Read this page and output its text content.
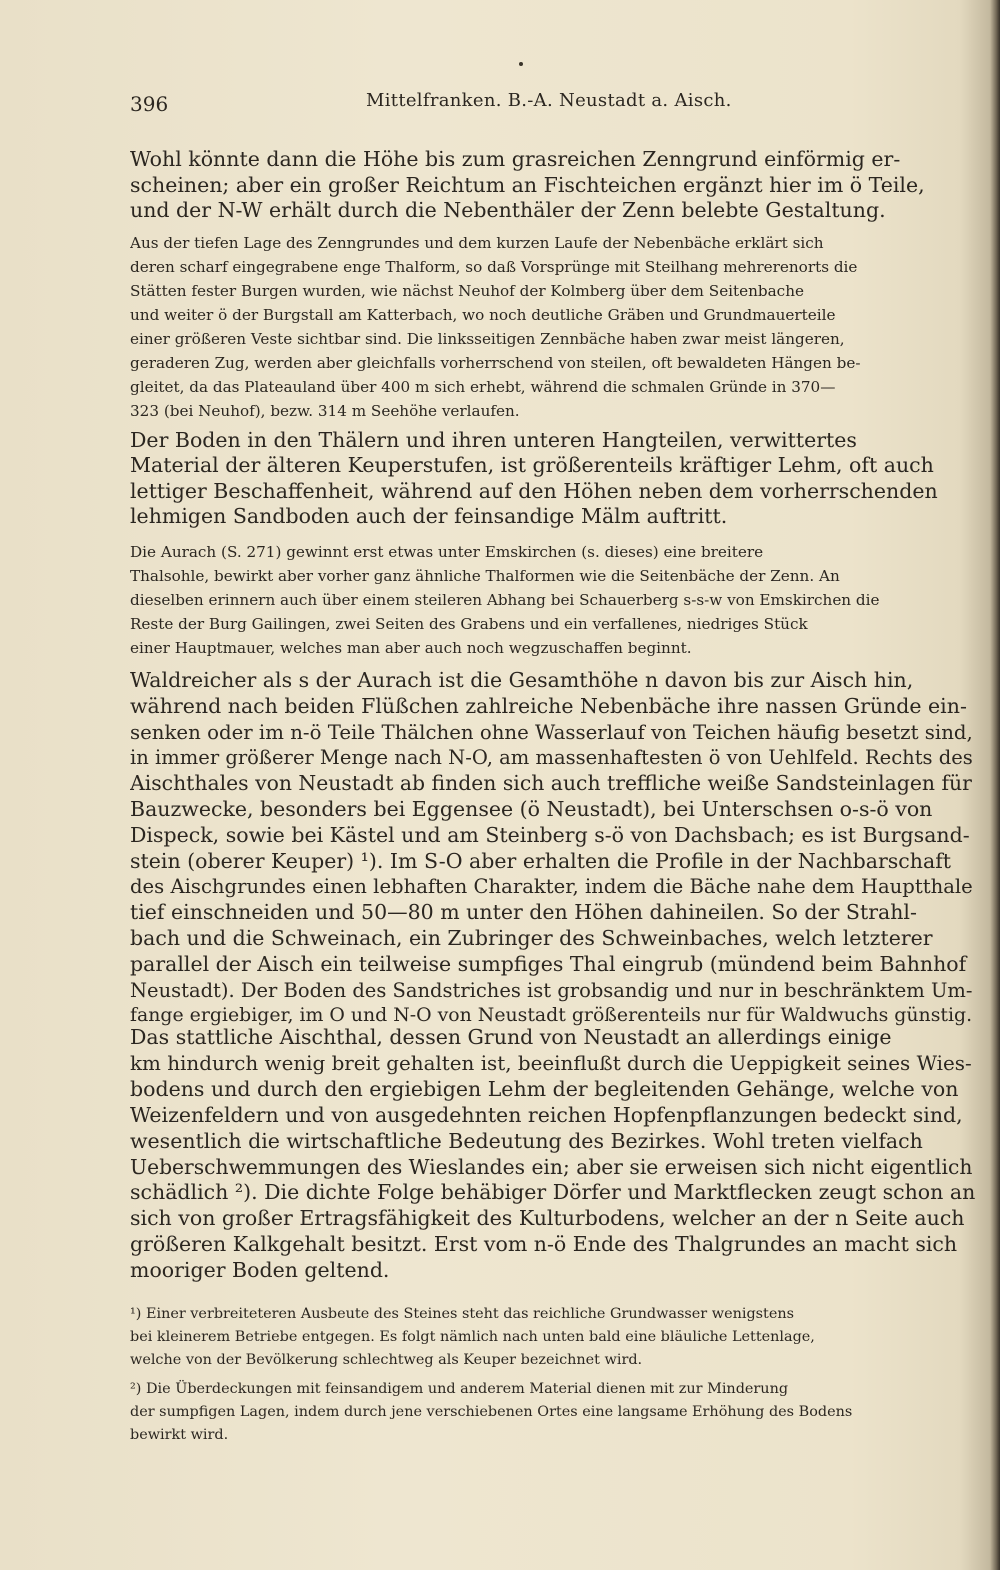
396	Mittelfranken. B.-A. Neustadt a. Aisch.
Wohl könnte dann die Höhe bis zum grasreichen Zenngrund einförmig er-
scheinen; aber ein großer Reichtum an Fischteichen ergänzt hier im ö Teile,
und der N-W erhält durch die Nebenthäler der Zenn belebte Gestaltung.
Aus der tiefen Lage des Zenngrundes und dem kurzen Laufe der Nebenbäche erklärt sich
deren scharf eingegrabene enge Thalform, so daß Vorsprünge mit Steilhang mehrerenorts die
Stätten fester Burgen wurden, wie nächst Neuhof der Kolmberg über dem Seitenbache
und weiter ö der Burgstall am Katterbach, wo noch deutliche Gräben und Grundmauerteile
einer größeren Veste sichtbar sind. Die linksseitigen Zennbäche haben zwar meist längeren,
geraderen Zug, werden aber gleichfalls vorherrschend von steilen, oft bewaldeten Hängen be-
gleitet, da das Plateauland über 400 m sich erhebt, während die schmalen Gründe in 370—
323 (bei Neuhof), bezw. 314 m Seehöhe verlaufen.
Der Boden in den Thälern und ihren unteren Hangteilen, verwittertes
Material der älteren Keuperstufen, ist größerenteils kräftiger Lehm, oft auch
lettiger Beschaffenheit, während auf den Höhen neben dem vorherrschenden
lehmigen Sandboden auch der feinsandige Mälm auftritt.
Die Aurach (S. 271) gewinnt erst etwas unter Emskirchen (s. dieses) eine breitere
Thalsohle, bewirkt aber vorher ganz ähnliche Thalformen wie die Seitenbäche der Zenn. An
dieselben erinnern auch über einem steileren Abhang bei Schauerberg s-s-w von Emskirchen die
Reste der Burg Gailingen, zwei Seiten des Grabens und ein verfallenes, niedriges Stück
einer Hauptmauer, welches man aber auch noch wegzuschaffen beginnt.
Waldreicher als s der Aurach ist die Gesamthöhe n davon bis zur Aisch hin,
während nach beiden Flüßchen zahlreiche Nebenbäche ihre nassen Gründe ein-
senken oder im n-ö Teile Thälchen ohne Wasserlauf von Teichen häufig besetzt sind,
in immer größerer Menge nach N-O, am massenhaftesten ö von Uehlfeld. Rechts des
Aischthales von Neustadt ab finden sich auch treffliche weiße Sandsteinlagen für
Bauzwecke, besonders bei Eggensee (ö Neustadt), bei Unterschsen o-s-ö von
Dispeck, sowie bei Kästel und am Steinberg s-ö von Dachsbach; es ist Burgsand-
stein (oberer Keuper) ¹). Im S-O aber erhalten die Profile in der Nachbarschaft
des Aischgrundes einen lebhaften Charakter, indem die Bäche nahe dem Hauptthale
tief einschneiden und 50—80 m unter den Höhen dahineilen. So der Strahl-
bach und die Schweinach, ein Zubringer des Schweinbaches, welch letzterer
parallel der Aisch ein teilweise sumpfiges Thal eingrub (mündend beim Bahnhof
Neustadt). Der Boden des Sandstriches ist grobsandig und nur in beschränktem Um-
fange ergiebiger, im O und N-O von Neustadt größerenteils nur für Waldwuchs günstig.
Das stattliche Aischthal, dessen Grund von Neustadt an allerdings einige
km hindurch wenig breit gehalten ist, beeinflußt durch die Ueppigkeit seines Wies-
bodens und durch den ergiebigen Lehm der begleitenden Gehänge, welche von
Weizenfeldern und von ausgedehnten reichen Hopfenpflanzungen bedeckt sind,
wesentlich die wirtschaftliche Bedeutung des Bezirkes. Wohl treten vielfach
Ueberschwemmungen des Wieslandes ein; aber sie erweisen sich nicht eigentlich
schädlich ²). Die dichte Folge behäbiger Dörfer und Marktflecken zeugt schon an
sich von großer Ertragsfähigkeit des Kulturbodens, welcher an der n Seite auch
größeren Kalkgehalt besitzt. Erst vom n-ö Ende des Thalgrundes an macht sich
mooriger Boden geltend.
¹) Einer verbreiteteren Ausbeute des Steines steht das reichliche Grundwasser wenigstens
bei kleinerem Betriebe entgegen. Es folgt nämlich nach unten bald eine bläuliche Lettenlage,
welche von der Bevölkerung schlechtweg als Keuper bezeichnet wird.
²) Die Überdeckungen mit feinsandigem und anderem Material dienen mit zur Minderung
der sumpfigen Lagen, indem durch jene verschiebenen Ortes eine langsame Erhöhung des Bodens
bewirkt wird.
